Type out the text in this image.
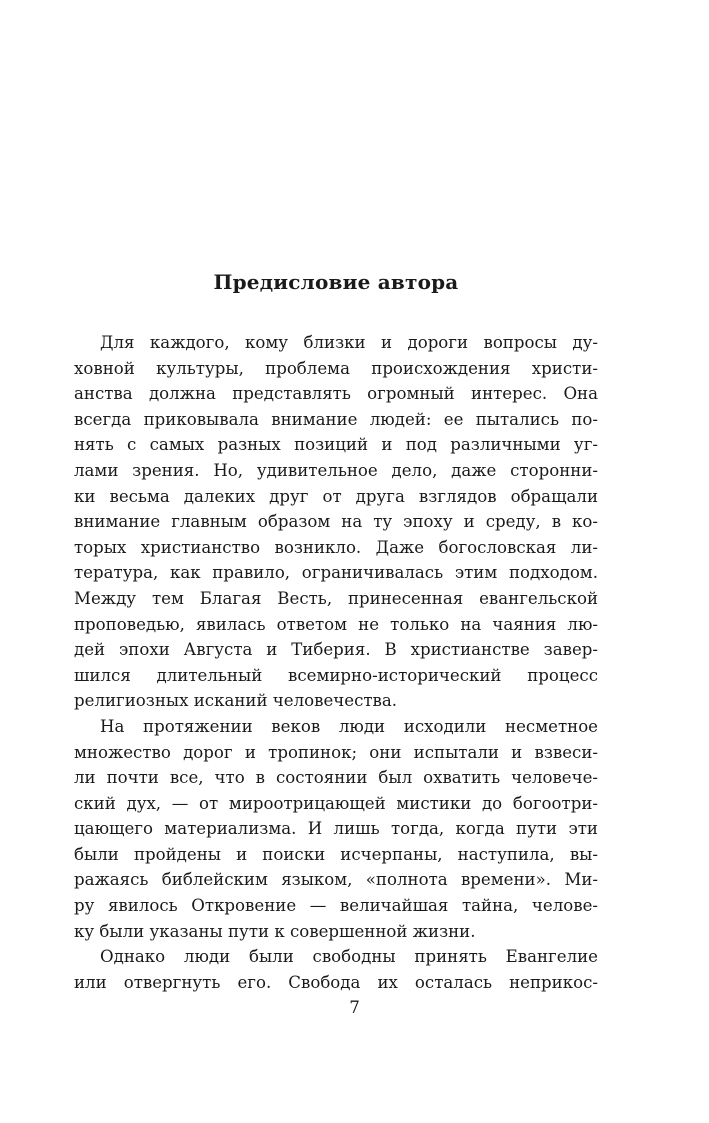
Предисловие автора

Для каждого, кому близки и дороги вопросы ду-
ховной культуры, проблема происхождения христи-
анства должна представлять огромный интерес. Она
всегда приковывала внимание людей: ее пытались по-
нять с самых разных позиций и под различными уг-
лами зрения. Но, удивительное дело, даже сторонни-
ки весьма далеких друг от друга взглядов обращали
внимание главным образом на ту эпоху и среду, в ко-
торых христианство возникло. Даже богословская ли-
тература, как правило, ограничивалась этим подходом.
Между тем Благая Весть, принесенная евангельской
проповедью, явилась ответом не только на чаяния лю-
дей эпохи Августа и Тиберия. В христианстве завер-
шился длительный всемирно-исторический процесс
религиозных исканий человечества.

На протяжении веков люди исходили несметное
множество дорог и тропинок; они испытали и взвеси-
ли почти все, что в состоянии был охватить человече-
ский дух, — от мироотрицающей мистики до богоотри-
цающего материализма. И лишь тогда, когда пути эти
были пройдены и поиски исчерпаны, наступила, вы-
ражаясь библейским языком, «полнота времени». Ми-
ру явилось Откровение — величайшая тайна, челове-
ку были указаны пути к совершенной жизни.

Однако люди были свободны принять Евангелие
или отвергнуть его. Свобода их осталась неприкос-

7
